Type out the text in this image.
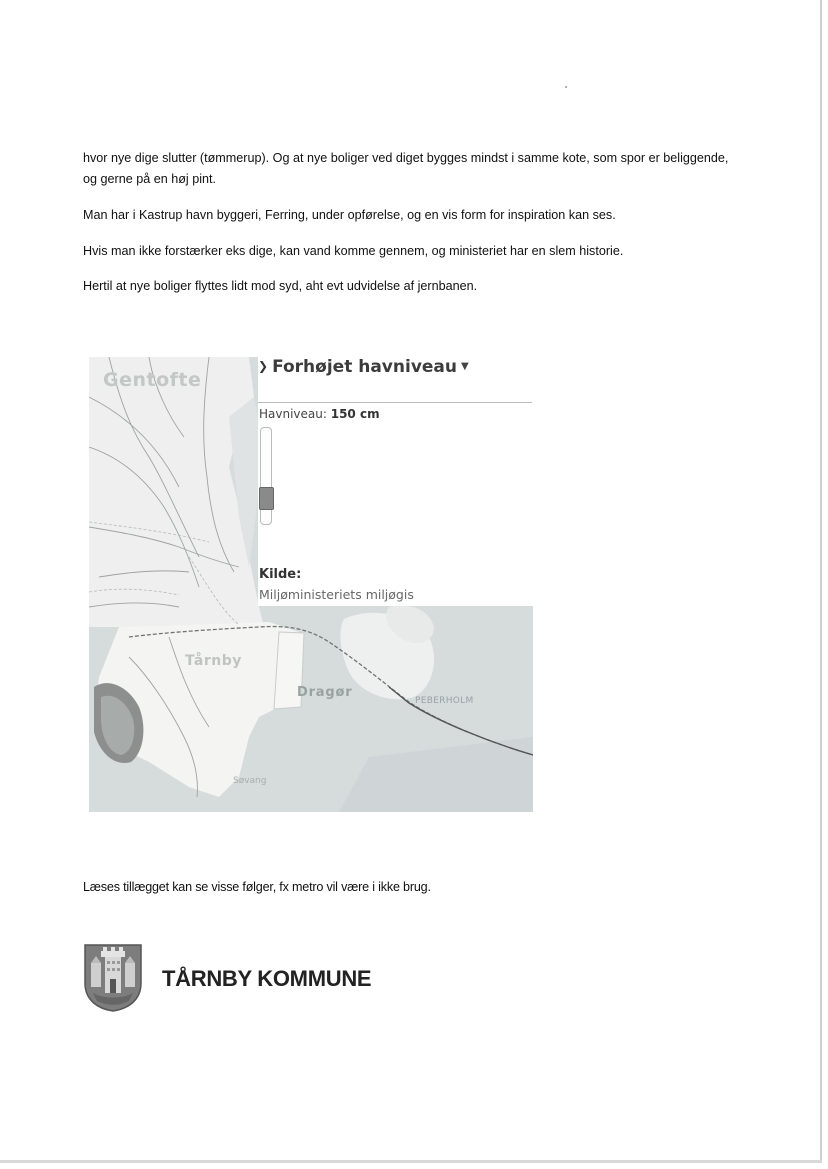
hvor nye dige slutter (tømmerup). Og at nye boliger ved diget bygges mindst i samme kote, som spor er beliggende, og gerne på en høj pint.
Man har i Kastrup havn byggeri, Ferring, under opførelse, og en vis form for inspiration kan ses.
Hvis man ikke forstærker eks dige, kan vand komme gennem, og ministeriet har en slem historie.
Hertil at nye boliger flyttes lidt mod syd, aht evt udvidelse af jernbanen.
Gentofte
Tårnby
Dragør
PEBERHOLM
Søvang
❯ Forhøjet havniveau ▼
Havniveau: 150 cm
Kilde:
Miljøministeriets miljøgis
Læses tillægget kan se visse følger, fx metro vil være i ikke brug.
TÅRNBY KOMMUNE
